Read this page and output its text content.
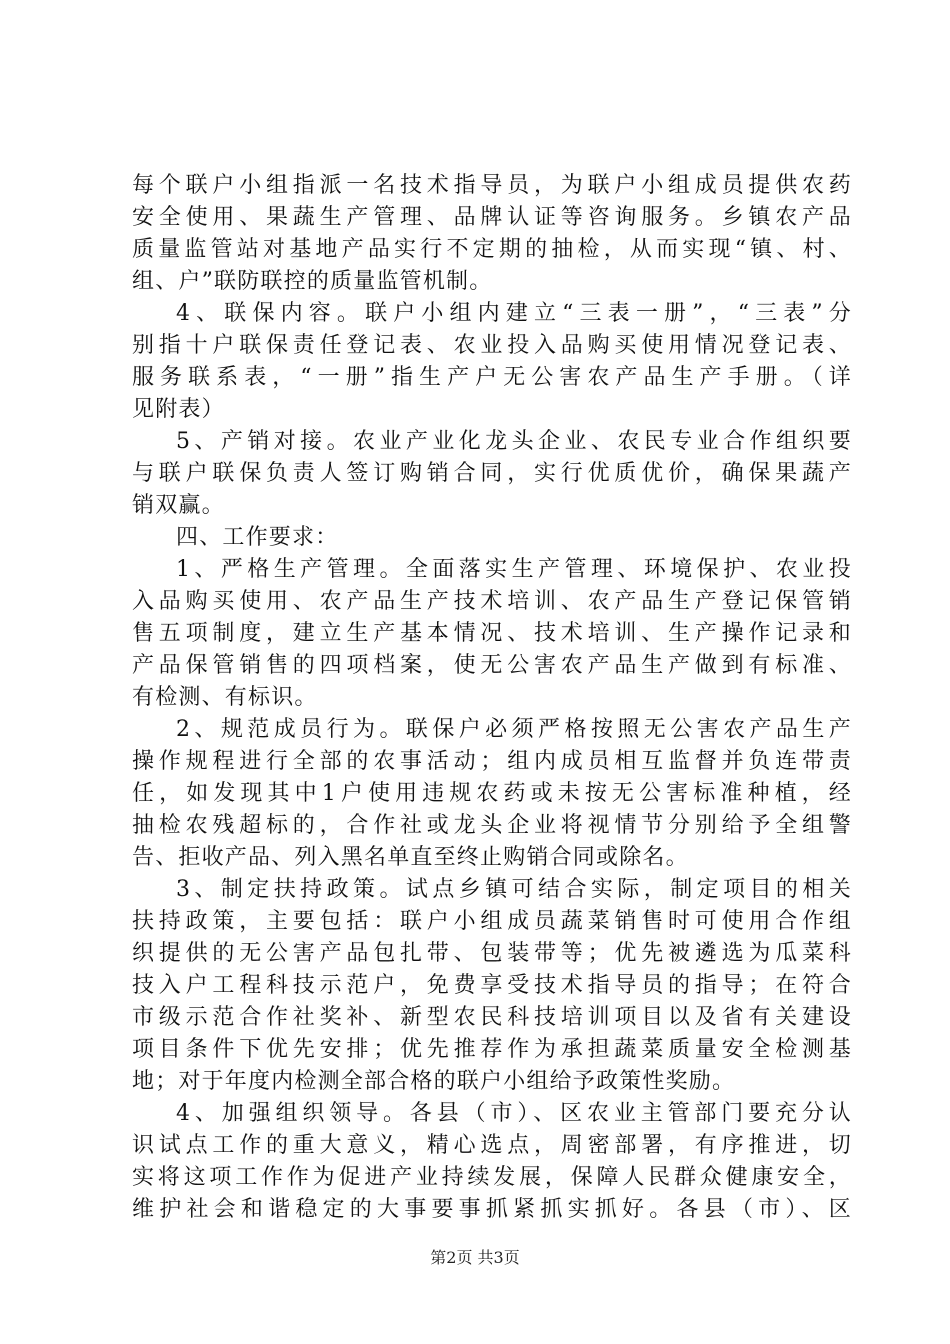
每个联户小组指派一名技术指导员，为联户小组成员提供农药
安全使用、果蔬生产管理、品牌认证等咨询服务。乡镇农产品
质量监管站对基地产品实行不定期的抽检，从而实现“镇、村、
组、户”联防联控的质量监管机制。
4、联保内容。联户小组内建立“三表一册”，“三表”分
别指十户联保责任登记表、农业投入品购买使用情况登记表、
服务联系表，“一册”指生产户无公害农产品生产手册。（详
见附表）
5、产销对接。农业产业化龙头企业、农民专业合作组织要
与联户联保负责人签订购销合同，实行优质优价，确保果蔬产
销双赢。
四、工作要求：
1、严格生产管理。全面落实生产管理、环境保护、农业投
入品购买使用、农产品生产技术培训、农产品生产登记保管销
售五项制度，建立生产基本情况、技术培训、生产操作记录和
产品保管销售的四项档案，使无公害农产品生产做到有标准、
有检测、有标识。
2、规范成员行为。联保户必须严格按照无公害农产品生产
操作规程进行全部的农事活动；组内成员相互监督并负连带责
任，如发现其中1户使用违规农药或未按无公害标准种植，经
抽检农残超标的，合作社或龙头企业将视情节分别给予全组警
告、拒收产品、列入黑名单直至终止购销合同或除名。
3、制定扶持政策。试点乡镇可结合实际，制定项目的相关
扶持政策，主要包括：联户小组成员蔬菜销售时可使用合作组
织提供的无公害产品包扎带、包装带等；优先被遴选为瓜菜科
技入户工程科技示范户，免费享受技术指导员的指导；在符合
市级示范合作社奖补、新型农民科技培训项目以及省有关建设
项目条件下优先安排；优先推荐作为承担蔬菜质量安全检测基
地；对于年度内检测全部合格的联户小组给予政策性奖励。
4、加强组织领导。各县（市）、区农业主管部门要充分认
识试点工作的重大意义，精心选点，周密部署，有序推进，切
实将这项工作作为促进产业持续发展，保障人民群众健康安全，
维护社会和谐稳定的大事要事抓紧抓实抓好。各县（市）、区
第2页 共3页
